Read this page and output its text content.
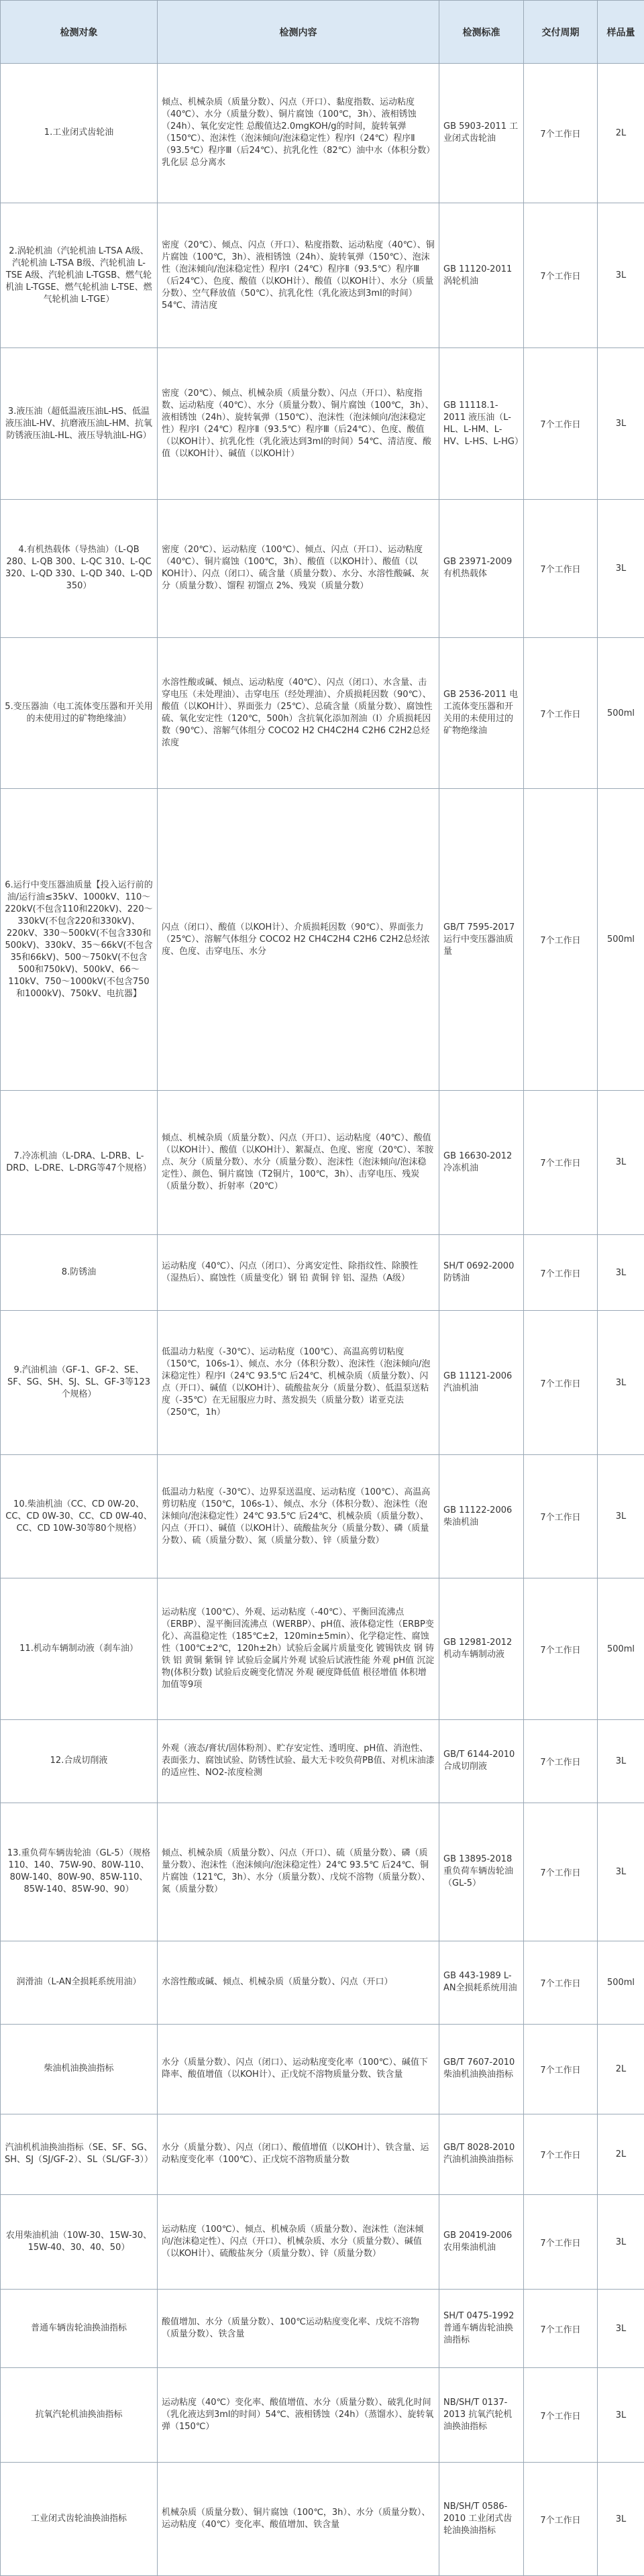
检测对象	检测内容	检测标准	交付周期	样品量
1.工业闭式齿轮油	倾点、机械杂质（质量分数）、闪点（开口）、黏度指数、运动粘度（40℃）、水分（质量分数）、铜片腐蚀（100℃，3h）、液相锈蚀（24h）、氧化安定性 总酸值达2.0mgKOH/g的时间，旋转氧弹（150℃）、泡沫性（泡沫倾向/泡沫稳定性）程序Ⅰ（24℃）程序Ⅱ（93.5℃）程序Ⅲ（后24℃）、抗乳化性（82℃）油中水（体积分数）乳化层 总分离水	GB 5903-2011 工业闭式齿轮油	7个工作日	2L
2.涡轮机油（汽轮机油 L-TSA A级、汽轮机油 L-TSA B级、汽轮机油 L-TSE A级、汽轮机油 L-TGSB、燃气轮机油 L-TGSE、燃气轮机油 L-TSE、燃气轮机油 L-TGE）	密度（20℃）、倾点、闪点（开口）、粘度指数、运动粘度（40℃）、铜片腐蚀（100℃，3h）、液相锈蚀（24h）、旋转氧弹（150℃）、泡沫性（泡沫倾向/泡沫稳定性）程序Ⅰ（24℃）程序Ⅱ（93.5℃）程序Ⅲ（后24℃）、色度、酸值（以KOH计）、酸值（以KOH计）、水分（质量分数）、空气释放值（50℃）、抗乳化性（乳化液达到3ml的时间）54℃、清洁度	GB 11120-2011 涡轮机油	7个工作日	3L
3.液压油（超低温液压油L-HS、低温液压油L-HV、抗磨液压油L-HM、抗氧防锈液压油L-HL、液压导轨油L-HG）	密度（20℃）、倾点、机械杂质（质量分数）、闪点（开口）、粘度指数、运动粘度（40℃）、水分（质量分数）、铜片腐蚀（100℃，3h）、液相锈蚀（24h）、旋转氧弹（150℃）、泡沫性（泡沫倾向/泡沫稳定性）程序Ⅰ（24℃）程序Ⅱ（93.5℃）程序Ⅲ（后24℃）、色度、酸值（以KOH计）、抗乳化性（乳化液达到3ml的时间）54℃、清洁度、酸值（以KOH计）、碱值（以KOH计）	GB 11118.1-2011 液压油（L-HL、L-HM、L-HV、L-HS、L-HG）	7个工作日	3L
4.有机热载体（导热油）（L-QB 280、L-QB 300、L-QC 310、L-QC 320、L-QD 330、L-QD 340、L-QD 350）	密度（20℃）、运动粘度（100℃）、倾点、闪点（开口）、运动粘度（40℃）、铜片腐蚀（100℃，3h）、酸值（以KOH计）、酸值（以KOH计）、闪点（闭口）、硫含量（质量分数）、水分、水溶性酸碱、灰分（质量分数）、馏程 初馏点 2%、残炭（质量分数）	GB 23971-2009 有机热载体	7个工作日	3L
5.变压器油（电工流体变压器和开关用的未使用过的矿物绝缘油）	水溶性酸或碱、倾点、运动粘度（40℃）、闪点（闭口）、水含量、击穿电压（未处理油）、击穿电压（经处理油）、介质损耗因数（90℃）、酸值（以KOH计）、界面张力（25℃）、总硫含量（质量分数）、腐蚀性硫、氧化安定性（120℃，500h）含抗氧化添加剂油（I）介质损耗因数（90℃）、溶解气体组分 COCO2 H2 CH4C2H4 C2H6 C2H2总烃浓度	GB 2536-2011 电工流体变压器和开关用的未使用过的矿物绝缘油	7个工作日	500ml
6.运行中变压器油质量【投入运行前的油/运行油≤35kV、1000kV、110～220kV(不包含110和220kV)、220～330kV(不包含220和330kV)、220kV、330～500kV(不包含330和500kV)、330kV、35～66kV(不包含35和66kV)、500～750kV(不包含500和750kV)、500kV、66～110kV、750～1000kV(不包含750和1000kV)、750kV、电抗器】	闪点（闭口）、酸值（以KOH计）、介质损耗因数（90℃）、界面张力（25℃）、溶解气体组分 COCO2 H2 CH4C2H4 C2H6 C2H2总烃浓度、色度、击穿电压、水分	GB/T 7595-2017 运行中变压器油质量	7个工作日	500ml
7.冷冻机油（L-DRA、L-DRB、L-DRD、L-DRE、L-DRG等47个规格）	倾点、机械杂质（质量分数）、闪点（开口）、运动粘度（40℃）、酸值（以KOH计）、酸值（以KOH计）、絮凝点、色度、密度（20℃）、苯胺点、灰分（质量分数）、水分（质量分数）、泡沫性（泡沫倾向/泡沫稳定性）、颜色、铜片腐蚀（T2铜片，100℃，3h）、击穿电压、残炭（质量分数）、折射率（20℃）	GB 16630-2012 冷冻机油	7个工作日	3L
8.防锈油	运动粘度（40℃）、闪点（闭口）、分离安定性、除指纹性、除膜性（湿热后）、腐蚀性（质量变化）钢 铅 黄铜 锌 铝、湿热（A级）	SH/T 0692-2000 防锈油	7个工作日	3L
9.汽油机油（GF-1、GF-2、SE、SF、SG、SH、SJ、SL、GF-3等123个规格）	低温动力粘度（-30℃）、运动粘度（100℃）、高温高剪切粘度（150℃，106s-1）、倾点、水分（体积分数）、泡沫性（泡沫倾向/泡沫稳定性）程序Ⅰ（24℃ 93.5℃ 后24℃、机械杂质（质量分数）、闪点（开口）、碱值（以KOH计）、硫酸盐灰分（质量分数）、低温泵送粘度（-35℃）在无屈服应力时、蒸发损失（质量分数）诺亚克法（250℃，1h）	GB 11121-2006 汽油机油	7个工作日	3L
10.柴油机油（CC、CD 0W-20、CC、CD 0W-30、CC、CD 0W-40、CC、CD 10W-30等80个规格）	低温动力粘度（-30℃）、边界泵送温度、运动粘度（100℃）、高温高剪切粘度（150℃，106s-1）、倾点、水分（体积分数）、泡沫性（泡沫倾向/泡沫稳定性）24℃ 93.5℃ 后24℃、机械杂质（质量分数）、闪点（开口）、碱值（以KOH计）、硫酸盐灰分（质量分数）、磷（质量分数）、硫（质量分数）、氮（质量分数）、锌（质量分数）	GB 11122-2006 柴油机油	7个工作日	3L
11.机动车辆制动液（刹车油）	运动粘度（100℃）、外观、运动粘度（-40℃）、平衡回流沸点（ERBP）、湿平衡回流沸点（WERBP）、pH值、液体稳定性（ERBP变化）、高温稳定性（185℃±2，120min±5min）、化学稳定性、腐蚀性（100℃±2℃，120h±2h）试验后金属片质量变化 镀锡铁皮 钢 铸铁 铝 黄铜 紫铜 锌 试验后金属片外观 试验后试液性能 外观 pH值 沉淀物(体积分数) 试验后皮碗变化情况 外观 硬度降低值 根径增值 体积增加值等9项	GB 12981-2012 机动车辆制动液	7个工作日	500ml
12.合成切削液	外观（液态/膏状/固体粉剂）、贮存安定性、透明度、pH值、消泡性、表面张力、腐蚀试验、防锈性试验、最大无卡咬负荷PB值、对机床油漆的适应性、NO2-浓度检测	GB/T 6144-2010 合成切削液	7个工作日	3L
13.重负荷车辆齿轮油（GL-5）（规格110、140、75W-90、80W-110、80W-140、80W-90、85W-110、85W-140、85W-90、90）	倾点、机械杂质（质量分数）、闪点（开口）、硫（质量分数）、磷（质量分数）、泡沫性（泡沫倾向/泡沫稳定性）24℃ 93.5℃ 后24℃、铜片腐蚀（121℃，3h）、水分（质量分数）、戊烷不溶物（质量分数）、氮（质量分数）	GB 13895-2018 重负荷车辆齿轮油（GL-5）	7个工作日	3L
润滑油（L-AN全损耗系统用油）	水溶性酸或碱、倾点、机械杂质（质量分数）、闪点（开口）	GB 443-1989 L-AN全损耗系统用油	7个工作日	500ml
柴油机油换油指标	水分（质量分数）、闪点（闭口）、运动粘度变化率（100℃）、碱值下降率、酸值增值（以KOH计）、正戊烷不溶物质量分数、铁含量	GB/T 7607-2010 柴油机油换油指标	7个工作日	2L
汽油机机油换油指标（SE、SF、SG、SH、SJ（SJ/GF-2）、SL（SL/GF-3））	水分（质量分数）、闪点（闭口）、酸值增值（以KOH计）、铁含量、运动粘度变化率（100℃）、正戊烷不溶物质量分数	GB/T 8028-2010 汽油机油换油指标	7个工作日	2L
农用柴油机油（10W-30、15W-30、15W-40、30、40、50）	运动粘度（100℃）、倾点、机械杂质（质量分数）、泡沫性（泡沫倾向/泡沫稳定性）、闪点（开口）、机械杂质、水分（质量分数）、碱值（以KOH计）、硫酸盐灰分（质量分数）、锌（质量分数）	GB 20419-2006 农用柴油机油	7个工作日	3L
普通车辆齿轮油换油指标	酸值增加、水分（质量分数）、100℃运动粘度变化率、戊烷不溶物（质量分数）、铁含量	SH/T 0475-1992 普通车辆齿轮油换油指标	7个工作日	3L
抗氧汽轮机油换油指标	运动粘度（40℃）变化率、酸值增值、水分（质量分数）、破乳化时间（乳化液达到3ml的时间）54℃、液相锈蚀（24h）（蒸馏水）、旋转氧弹（150℃）	NB/SH/T 0137-2013 抗氧汽轮机油换油指标	7个工作日	3L
工业闭式齿轮油换油指标	机械杂质（质量分数）、铜片腐蚀（100℃，3h）、水分（质量分数）、运动粘度（40℃）变化率、酸值增加、铁含量	NB/SH/T 0586-2010 工业闭式齿轮油换油指标	7个工作日	3L
